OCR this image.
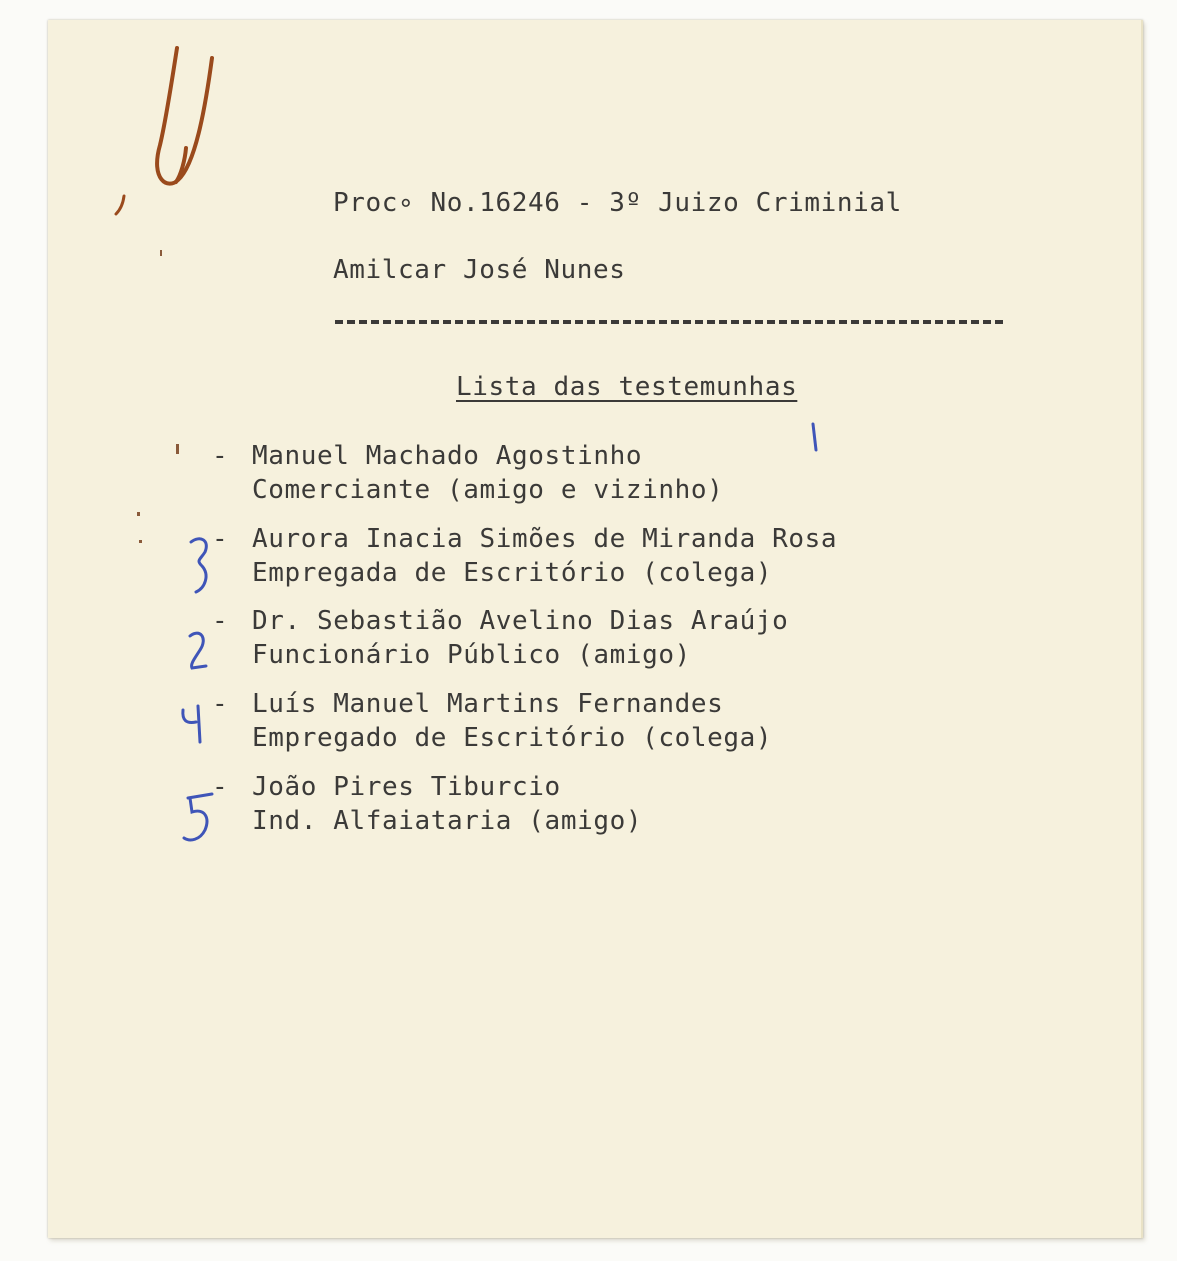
Proc∘ No.16246 - 3º Juizo Criminial
Amilcar José Nunes
Lista das testemunhas
- Manuel Machado Agostinho
Comerciante (amigo e vizinho)
- Aurora Inacia Simões de Miranda Rosa
Empregada de Escritório (colega)
- Dr. Sebastião Avelino Dias Araújo
Funcionário Público (amigo)
- Luís Manuel Martins Fernandes
Empregado de Escritório (colega)
- João Pires Tiburcio
Ind. Alfaiataria (amigo)
